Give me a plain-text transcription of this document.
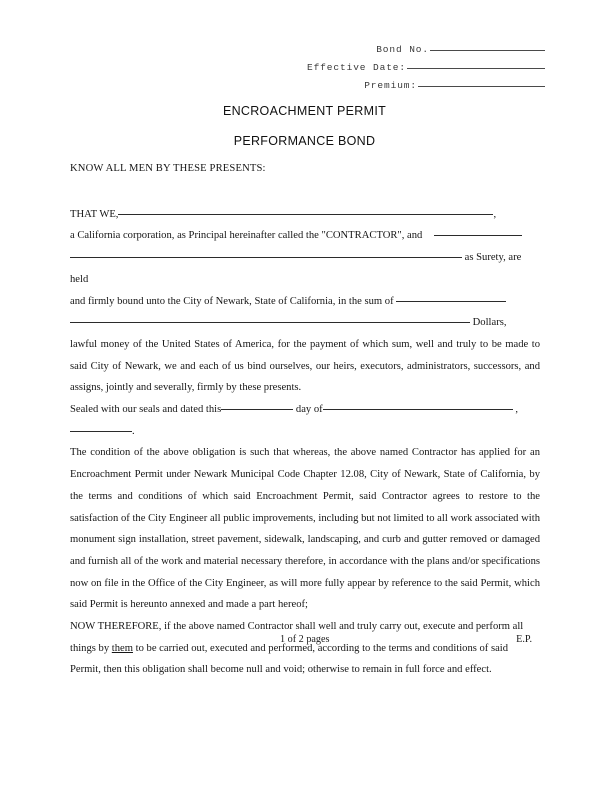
Bond No.
Effective Date:
Premium:
ENCROACHMENT PERMIT
PERFORMANCE BOND

KNOW ALL MEN BY THESE PRESENTS:

THAT WE,	,

a California corporation, as Principal hereinafter called the "CONTRACTOR", and

as Surety, are held

and firmly bound unto the City of Newark, State of California, in the sum of

Dollars,

lawful money of the United States of America, for the payment of which sum, well and truly to be made to said City of Newark, we and each of us bind ourselves, our heirs, executors, administrators, successors, and assigns, jointly and severally, firmly by these presents.

Sealed with our seals and dated this	day of	,.

The condition of the above obligation is such that whereas, the above named Contractor has applied for an Encroachment Permit under Newark Municipal Code Chapter 12.08, City of Newark, State of California, by the terms and conditions of which said Encroachment Permit, said Contractor agrees to restore to the satisfaction of the City Engineer all public improvements, including but not limited to all work associated with monument sign installation, street pavement, sidewalk, landscaping, and curb and gutter removed or damaged and furnish all of the work and material necessary therefore, in accordance with the plans and/or specifications now on file in the Office of the City Engineer, as will more fully appear by reference to the said Permit, which said Permit is hereunto annexed and made a part hereof;

NOW THEREFORE, if the above named Contractor shall well and truly carry out, execute and perform all things by them to be carried out, executed and performed, according to the terms and conditions of said Permit, then this obligation shall become null and void; otherwise to remain in full force and effect.

1 of 2 pages	E.P.
